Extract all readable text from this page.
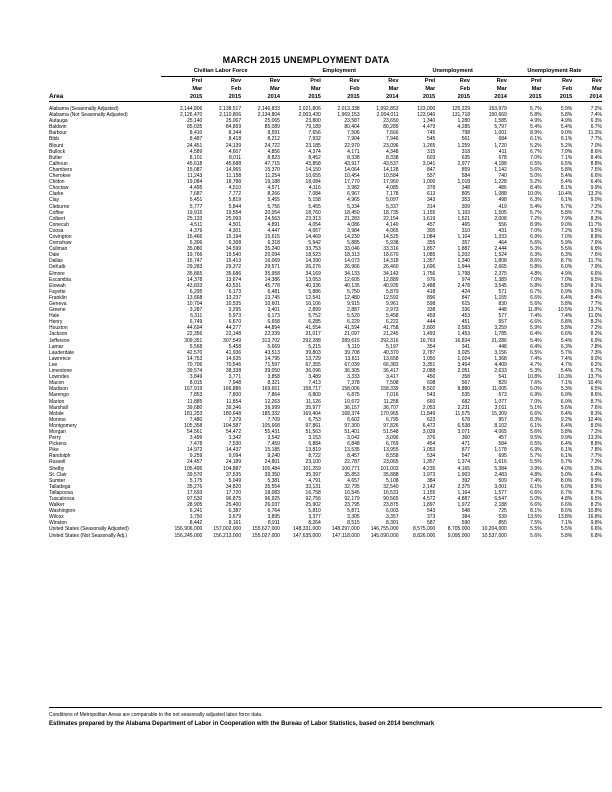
MARCH 2015 UNEMPLOYMENT DATA
	Civilian Labor Force			Employment			Unemployment			Unemployment Rate		
	Prel	Rev	Rev	Prel	Rev	Rev	Prel	Rev	Rev	Prel	Rev	Rev
	Mar	Feb	Mar	Mar	Feb	Mar	Mar	Feb	Mar	Mar	Feb	Mar
Area	2015	2015	2014	2015	2015	2014	2015	2015	2014	2015	2015	2014

Alabama (Seasonally Adjusted)	2,144,806	2,138,517	2,146,833	2,021,806	2,013,338	1,992,853	123,000	125,229	153,979	5.7%	5.9%	7.2%
Alabama (Not Seasonally Adjusted)	2,126,470	2,110,806	2,134,804	2,003,430	1,969,153	2,004,011	123,040	131,718	150,669	5.8%	5.8%	7.4%
Autauga	25,140	25,067	25,065	23,800	23,587	23,650	1,340	1,280	1,585	4.9%	4.9%	6.3%
Baldwin	85,035	84,859	85,089	79,189	80,404	80,289	4,479	4,285	5,797	5.4%	5.4%	6.7%
Barbour	8,410	8,344	8,591	7,656	7,506	7,666	745	798	1,001	8.9%	9.0%	11.3%
Bibb	8,487	8,418	8,212	7,932	7,904	7,946	545	561	684	6.1%	6.1%	7.7%
Blount	24,451	24,139	24,722	23,185	22,970	23,096	1,265	1,259	1,720	5.2%	5.2%	7.0%
Bullock	4,589	4,607	4,856	4,374	4,171	4,348	315	318	411	6.7%	7.0%	8.6%
Butler	8,101	8,011	8,823	8,452	8,338	8,338	603	635	678	7.0%	7.1%	8.4%
Calhoun	45,618	45,688	47,715	43,858	43,917	43,537	3,041	2,977	4,188	6.5%	6.5%	8.8%
Chambers	15,087	14,965	15,370	14,150	14,064	14,128	847	859	1,142	5.6%	5.8%	7.5%
Cherokee	11,243	11,158	11,254	10,655	10,454	10,584	557	584	740	5.0%	5.4%	6.6%
Chilton	19,084	18,788	19,188	18,084	17,770	17,960	1,000	1,018	1,228	5.2%	5.4%	6.4%
Choctaw	4,495	4,510	4,571	4,116	3,982	4,085	378	348	486	8.4%	8.1%	9.9%
Clarke	7,687	7,772	8,266	7,084	6,967	7,178	613	805	1,088	10.0%	10.4%	13.2%
Clay	5,451	5,819	5,455	5,158	4,965	5,097	343	353	498	6.3%	6.1%	9.0%
Cleburne	5,777	5,844	5,756	5,455	5,334	5,337	314	309	419	5.4%	5.7%	7.2%
Coffee	19,915	19,554	20,054	18,760	18,450	18,735	1,155	1,103	1,505	5.7%	5.8%	7.7%
Colbert	25,133	25,093	24,563	23,313	21,283	22,154	1,619	1,521	2,008	7.2%	7.9%	8.3%
Conecuh	4,511	4,501	4,891	4,054	4,086	4,140	457	465	556	8.9%	9.0%	11.7%
Coosa	4,379	4,301	4,447	4,067	3,984	4,065	305	310	431	7.0%	7.2%	9.5%
Covington	15,466	15,194	15,615	14,469	14,230	14,525	1,084	1,104	1,333	6.9%	7.0%	8.8%
Crenshaw	6,306	6,308	6,318	5,942	5,885	5,938	355	357	464	5.6%	5.9%	7.6%
Cullman	35,080	34,599	35,240	33,753	33,046	33,316	1,857	1,887	2,444	5.3%	5.5%	6.9%
Dale	19,766	19,540	20,094	18,523	18,313	18,670	1,085	1,202	1,524	6.3%	6.3%	7.6%
Dallas	15,747	15,413	16,069	14,390	14,073	14,318	1,357	1,340	1,808	8.6%	8.7%	11.7%
DeKalb	29,283	29,372	29,571	26,276	26,966	26,460	1,696	1,944	2,665	5.8%	6.0%	7.9%
Elmore	35,865	35,686	35,958	34,169	34,133	34,143	1,756	1,798	2,375	4.8%	4.9%	6.6%
Escambia	14,378	13,674	14,386	13,053	12,605	12,889	976	974	1,389	7.0%	7.0%	9.5%
Etowah	43,833	43,531	45,778	40,336	40,135	40,935	2,488	2,478	3,545	5.8%	5.8%	8.1%
Fayette	6,295	6,173	6,481	5,886	5,750	5,879	418	424	571	6.7%	6.9%	9.0%
Franklin	13,668	13,237	13,745	12,541	12,480	12,592	896	847	1,155	6.6%	6.4%	8.4%
Geneva	10,704	10,535	10,601	10,106	9,915	9,961	598	615	830	5.6%	5.8%	7.7%
Greene	3,287	3,295	3,401	2,899	2,887	2,973	338	336	448	11.8%	10.5%	13.7%
Hale	6,311	5,973	6,173	5,752	5,520	5,458	459	453	577	7.4%	7.4%	11.0%
Henry	6,749	6,670	6,658	6,285	6,229	6,222	444	451	557	6.6%	6.8%	8.2%
Houston	44,694	44,277	44,894	41,554	41,594	41,758	2,800	2,583	3,259	5.9%	5.8%	7.2%
Jackson	22,356	22,148	22,339	21,017	21,097	21,245	1,493	1,453	1,785	6.4%	6.6%	8.2%
Jefferson	309,351	307,549	313,702	292,288	289,615	292,316	16,763	16,834	21,286	5.4%	5.4%	6.9%
Lamar	5,568	5,458	5,669	5,215	5,110	5,197	354	341	448	6.4%	6.3%	7.8%
Lauderdale	42,570	41,936	43,513	39,803	39,708	40,370	2,787	3,025	3,156	6.5%	5.7%	7.3%
Lawrence	14,753	14,635	14,795	13,729	13,611	13,658	1,050	1,024	1,368	7.4%	7.4%	9.0%
Lee	70,706	70,546	71,597	67,355	67,039	66,383	3,351	3,454	4,409	4.7%	4.7%	6.2%
Limestone	39,574	38,338	39,050	36,096	36,305	36,417	2,088	2,051	2,633	5.3%	5.4%	6.7%
Lowndes	3,849	3,771	3,858	3,489	3,333	3,417	450	358	541	10.8%	10.3%	13.7%
Macon	8,015	7,948	8,321	7,413	7,378	7,508	608	567	829	7.6%	7.1%	10.4%
Madison	167,919	166,886	169,651	158,717	158,006	158,339	8,502	8,880	11,005	5.0%	5.3%	6.5%
Marengo	7,853	7,800	7,864	6,809	6,875	7,016	543	535	673	6.9%	6.9%	8.6%
Marion	11,885	11,854	12,263	11,126	10,672	11,258	660	682	1,077	7.0%	6.9%	8.7%
Marshall	39,680	39,346	39,999	35,977	36,157	36,707	2,053	2,231	3,011	5.1%	5.6%	7.6%
Mobile	181,253	180,648	185,332	169,404	168,374	170,965	11,849	11,575	15,309	6.6%	6.4%	8.3%
Monroe	7,480	7,379	7,709	6,753	6,602	6,795	623	678	957	8.3%	9.2%	12.4%
Montgomery	105,358	104,587	105,668	97,861	97,300	97,826	6,472	6,538	8,102	6.1%	6.4%	8.0%
Morgan	54,561	54,472	55,431	51,563	51,401	51,548	3,039	3,071	4,065	5.6%	5.8%	7.2%
Perry	3,499	3,342	3,542	3,153	3,042	3,096	376	360	457	9.5%	9.9%	13.3%
Pickens	7,478	7,530	7,459	6,884	6,848	6,769	454	471	584	6.5%	6.4%	8.8%
Pike	14,972	14,437	15,185	13,819	13,535	13,955	1,053	877	1,178	6.9%	6.1%	7.8%
Randolph	9,259	9,094	9,240	8,722	8,457	8,558	534	547	695	5.7%	6.1%	7.7%
Russell	24,457	24,189	24,801	23,100	22,787	23,065	1,357	1,374	1,616	5.5%	5.7%	7.3%
Shelby	105,495	104,887	105,484	101,259	100,771	101,003	4,235	4,165	5,384	3.9%	4.0%	5.0%
St. Clair	39,570	37,535	39,350	35,397	35,853	35,888	1,973	1,903	2,483	4.8%	5.0%	6.4%
Sumter	5,175	5,049	5,381	4,791	4,657	5,108	384	392	509	7.4%	8.0%	9.9%
Talladega	35,276	34,820	35,554	33,131	32,795	32,540	2,142	2,375	3,001	6.1%	6.0%	8.5%
Tallapoosa	17,693	17,720	18,083	16,758	16,545	16,531	1,155	1,164	1,577	6.6%	6.7%	8.7%
Tuscaloosa	97,530	96,875	96,925	92,756	92,179	90,565	4,572	4,887	6,547	5.0%	4.8%	6.5%
Walker	28,905	25,400	26,037	25,902	23,795	23,875	1,897	1,972	2,188	6.6%	6.6%	8.2%
Washington	6,241	6,387	6,764	5,810	5,871	6,003	543	548	725	8.1%	8.6%	10.8%
Wilcox	3,750	3,679	3,895	3,377	3,305	3,357	373	384	539	13.5%	13.8%	16.8%
Winston	8,442	8,161	8,911	8,264	8,515	8,301	587	590	855	7.5%	7.1%	9.8%
United States (Seasonally Adjusted)	156,906,000	157,002,000	155,627,000	148,331,000	148,297,000	146,755,000	8,575,000	8,705,000	10,204,000	5.5%	5.5%	6.6%
United States (Not Seasonally Adj.)	156,245,000	156,213,000	155,027,000	147,635,000	147,118,000	145,090,000	8,826,000	9,095,000	10,537,000	5.6%	5.8%	6.8%
Conditions of Metropolitan Areas are comparable to the not seasonally adjusted labor force data.
Estimates prepared by the Alabama Department of Labor in Cooperation with the Bureau of Labor Statistics, based on 2014 benchmark
